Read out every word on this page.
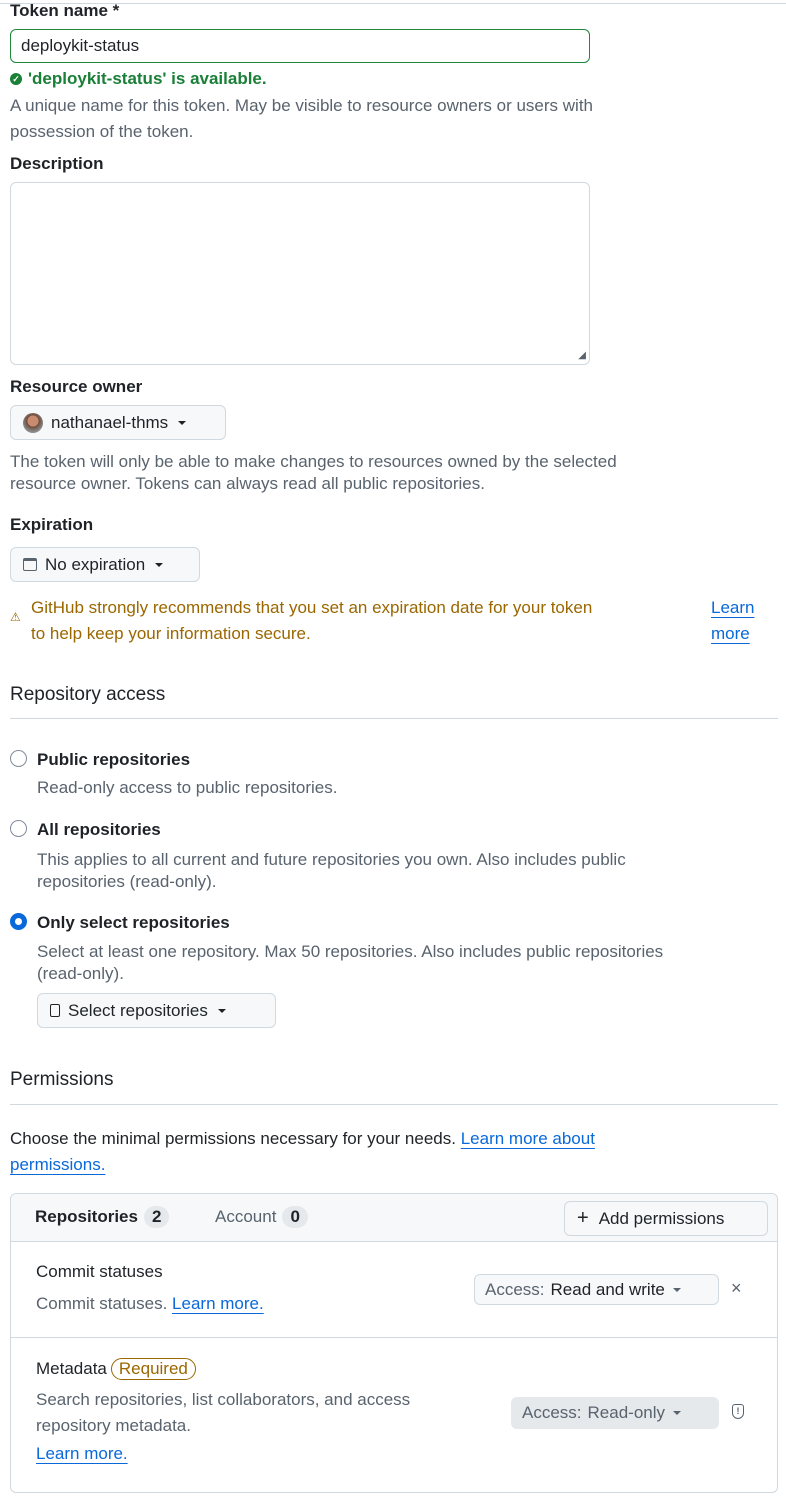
Token name *
deploykit-status
✓ 'deploykit-status' is available.
A unique name for this token. May be visible to resource owners or users with
possession of the token.
Description
◢
Resource owner
nathanael-thms
The token will only be able to make changes to resources owned by the selected
resource owner. Tokens can always read all public repositories.
Expiration
No expiration
⚠ GitHub strongly recommends that you set an expiration date for your token
to help keep your information secure.
Learn
more
Repository access
Public repositories
Read-only access to public repositories.
All repositories
This applies to all current and future repositories you own. Also includes public
repositories (read-only).
Only select repositories
Select at least one repository. Max 50 repositories. Also includes public repositories
(read-only).
Select repositories
Permissions
Choose the minimal permissions necessary for your needs. Learn more about
permissions.
Repositories 2	Account 0	+ Add permissions
Commit statuses
Commit statuses. Learn more.
Access: Read and write	×
Metadata Required
Search repositories, list collaborators, and access
repository metadata.
Learn more.
Access: Read-only	!
